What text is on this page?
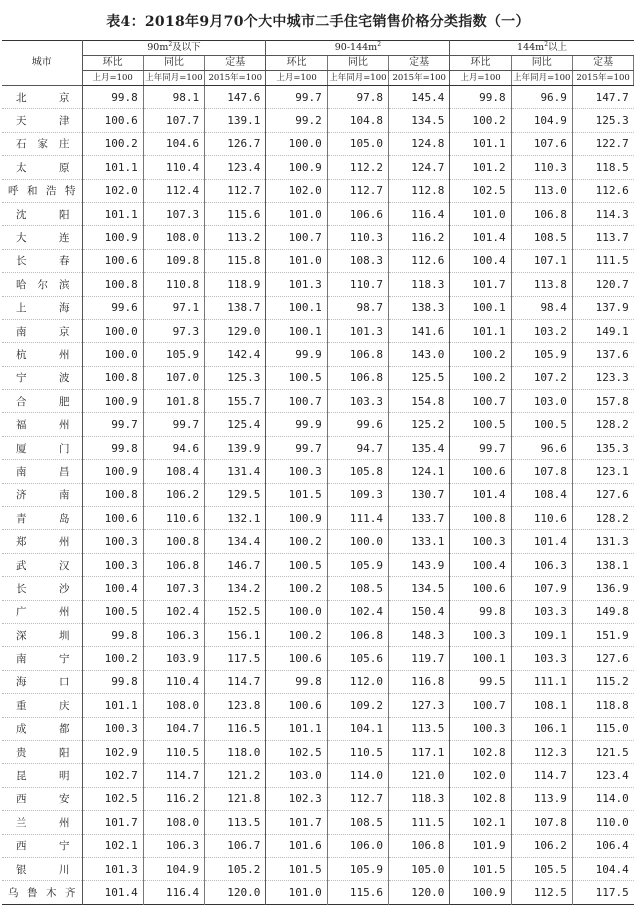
表4：2018年9月70个大中城市二手住宅销售价格分类指数（一）
城市	$90m^2$及以下			$90-144m^2$			$144m^2$以上		
	环比	同比	定基	环比	同比	定基	环比	同比	定基
	上月=100	上年同月=100	2015年=100	上月=100	上年同月=100	2015年=100	上月=100	上年同月=100	2015年=100
北京	99.8	98.1	147.6	99.7	97.8	145.4	99.8	96.9	147.7
天津	100.6	107.7	139.1	99.2	104.8	134.5	100.2	104.9	125.3
石家庄	100.2	104.6	126.7	100.0	105.0	124.8	101.1	107.6	122.7
太原	101.1	110.4	123.4	100.9	112.2	124.7	101.2	110.3	118.5
呼和浩特	102.0	112.4	112.7	102.0	112.7	112.8	102.5	113.0	112.6
沈阳	101.1	107.3	115.6	101.0	106.6	116.4	101.0	106.8	114.3
大连	100.9	108.0	113.2	100.7	110.3	116.2	101.4	108.5	113.7
长春	100.6	109.8	115.8	101.0	108.3	112.6	100.4	107.1	111.5
哈尔滨	100.8	110.8	118.9	101.3	110.7	118.3	101.7	113.8	120.7
上海	99.6	97.1	138.7	100.1	98.7	138.3	100.1	98.4	137.9
南京	100.0	97.3	129.0	100.1	101.3	141.6	101.1	103.2	149.1
杭州	100.0	105.9	142.4	99.9	106.8	143.0	100.2	105.9	137.6
宁波	100.8	107.0	125.3	100.5	106.8	125.5	100.2	107.2	123.3
合肥	100.9	101.8	155.7	100.7	103.3	154.8	100.7	103.0	157.8
福州	99.7	99.7	125.4	99.9	99.6	125.2	100.5	100.5	128.2
厦门	99.8	94.6	139.9	99.7	94.7	135.4	99.7	96.6	135.3
南昌	100.9	108.4	131.4	100.3	105.8	124.1	100.6	107.8	123.1
济南	100.8	106.2	129.5	101.5	109.3	130.7	101.4	108.4	127.6
青岛	100.6	110.6	132.1	100.9	111.4	133.7	100.8	110.6	128.2
郑州	100.3	100.8	134.4	100.2	100.0	133.1	100.3	101.4	131.3
武汉	100.3	106.8	146.7	100.5	105.9	143.9	100.4	106.3	138.1
长沙	100.4	107.3	134.2	100.2	108.5	134.5	100.6	107.9	136.9
广州	100.5	102.4	152.5	100.0	102.4	150.4	99.8	103.3	149.8
深圳	99.8	106.3	156.1	100.2	106.8	148.3	100.3	109.1	151.9
南宁	100.2	103.9	117.5	100.6	105.6	119.7	100.1	103.3	127.6
海口	99.8	110.4	114.7	99.8	112.0	116.8	99.5	111.1	115.2
重庆	101.1	108.0	123.8	100.6	109.2	127.3	100.7	108.1	118.8
成都	100.3	104.7	116.5	101.1	104.1	113.5	100.3	106.1	115.0
贵阳	102.9	110.5	118.0	102.5	110.5	117.1	102.8	112.3	121.5
昆明	102.7	114.7	121.2	103.0	114.0	121.0	102.0	114.7	123.4
西安	102.5	116.2	121.8	102.3	112.7	118.3	102.8	113.9	114.0
兰州	101.7	108.0	113.5	101.7	108.5	111.5	102.1	107.8	110.0
西宁	102.1	106.3	106.7	101.6	106.0	106.8	101.9	106.2	106.4
银川	101.3	104.9	105.2	101.5	105.9	105.0	101.5	105.5	104.4
乌鲁木齐	101.4	116.4	120.0	101.0	115.6	120.0	100.9	112.5	117.5
